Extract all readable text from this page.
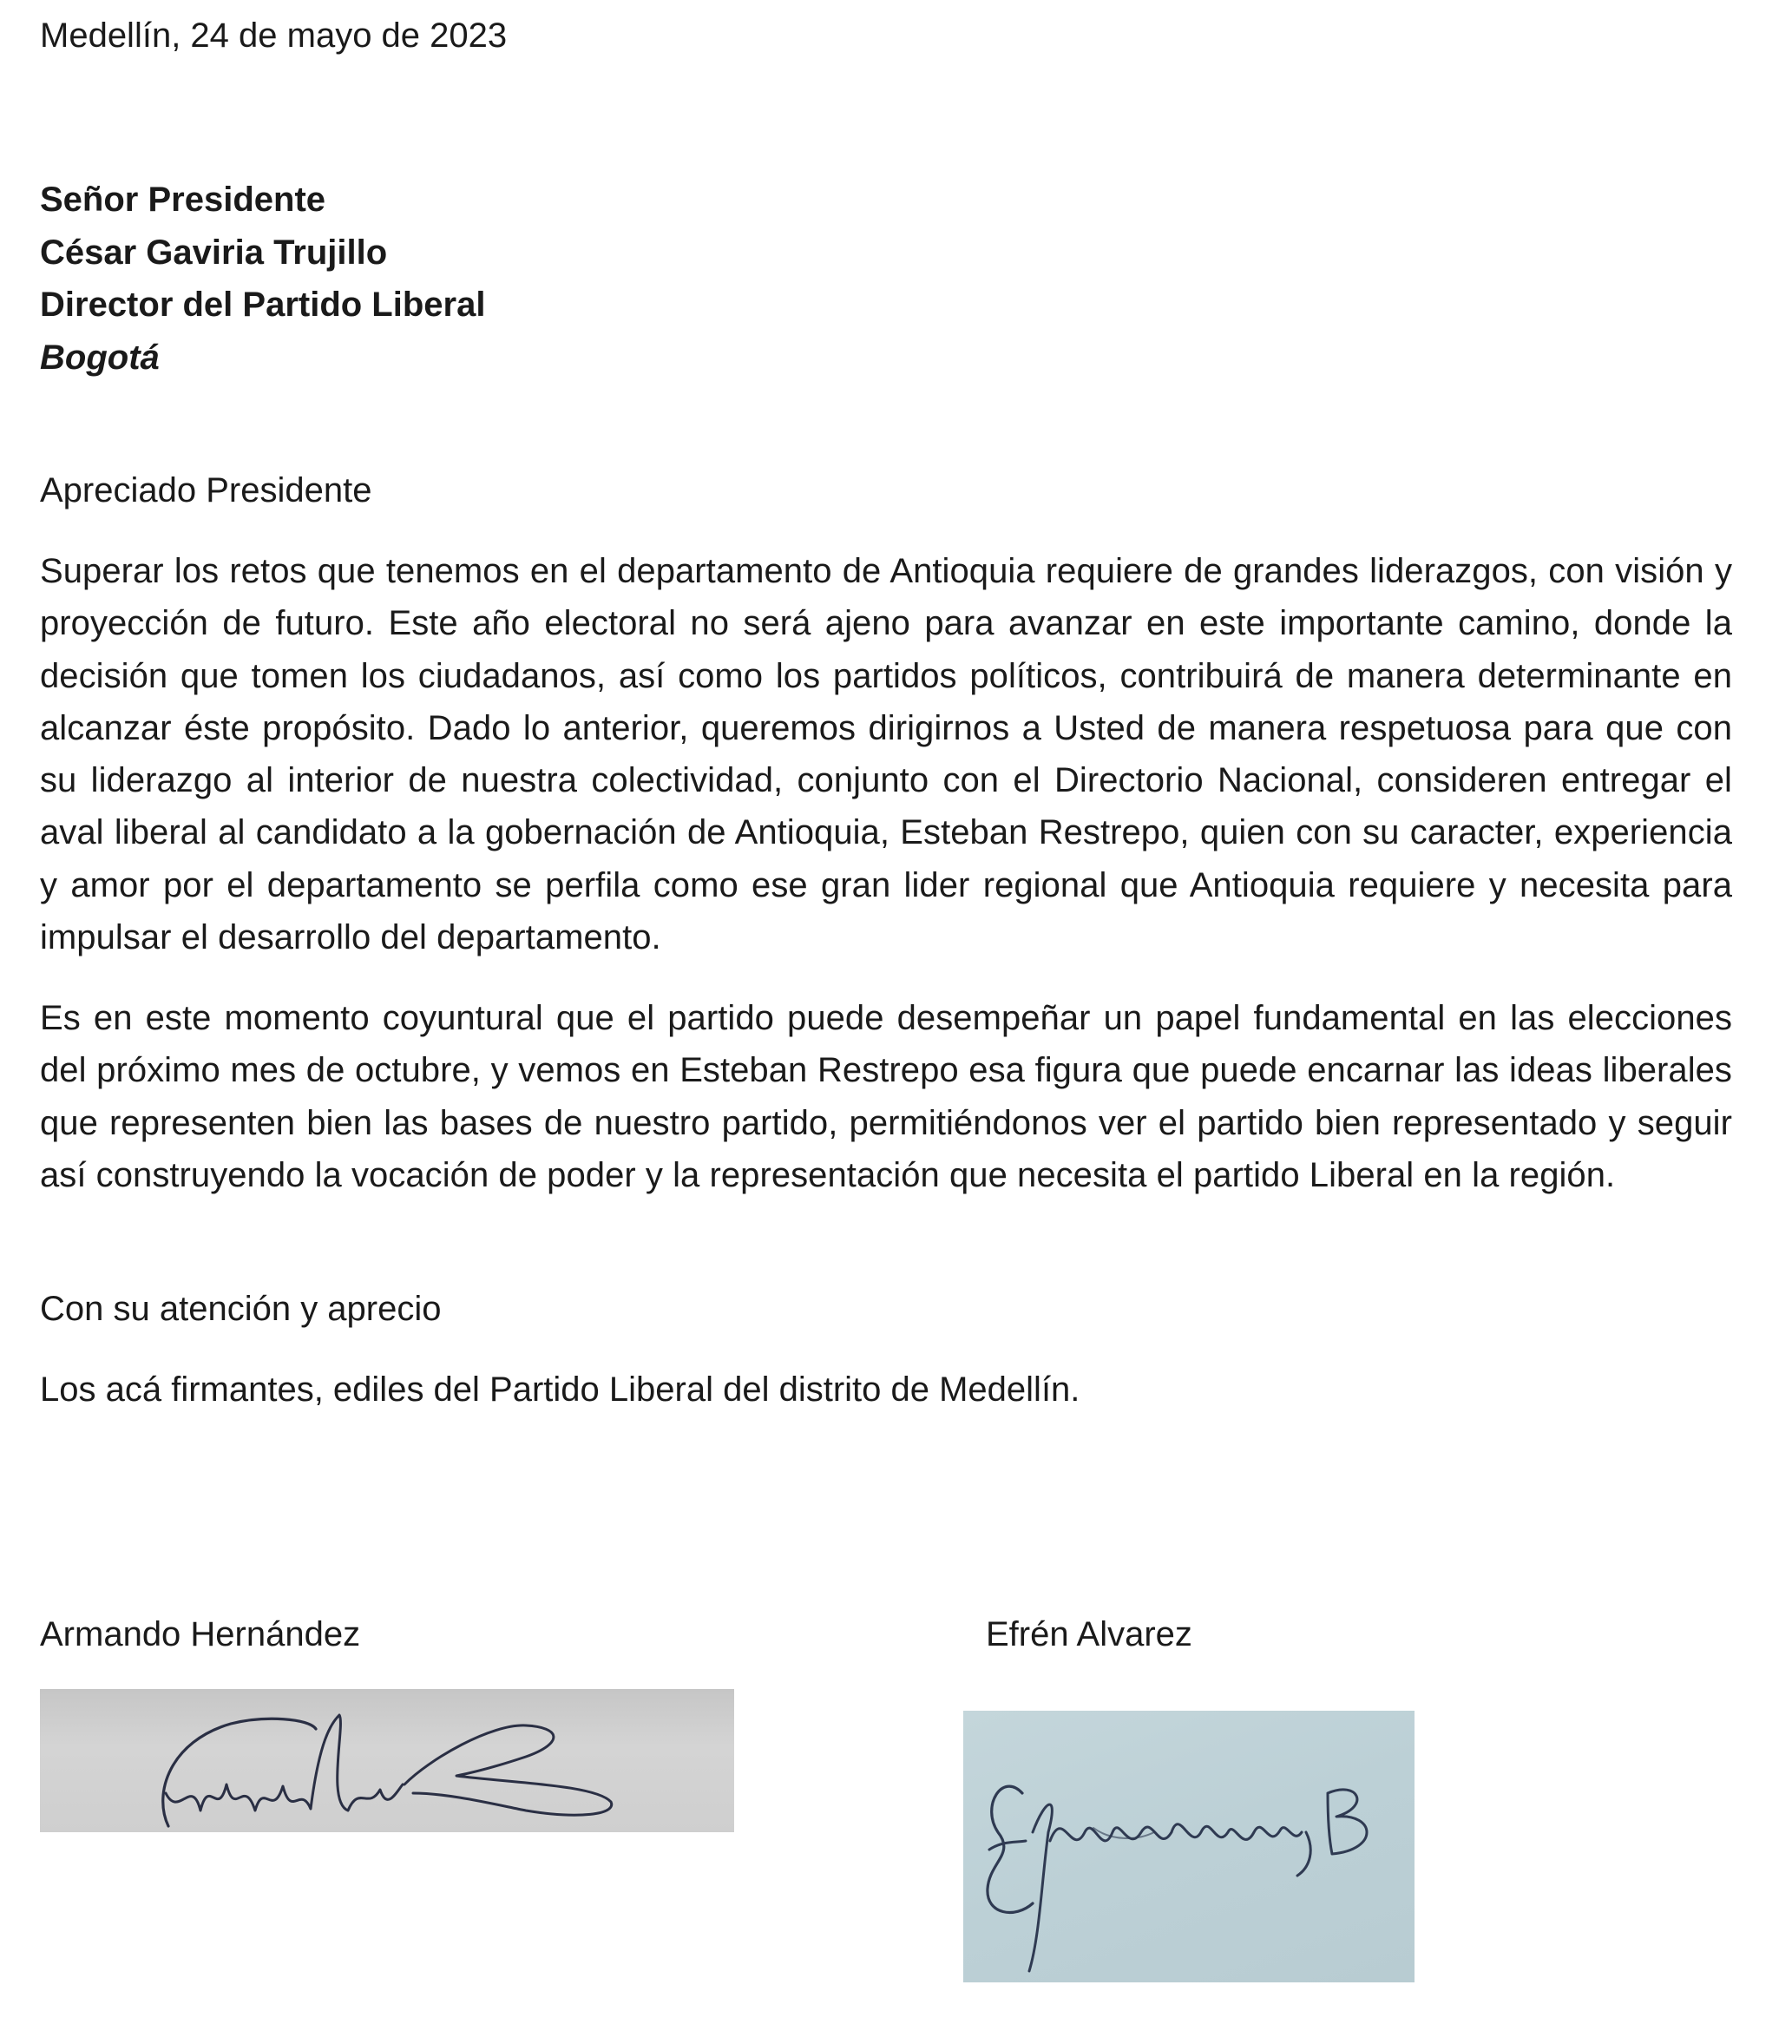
Medellín, 24 de mayo de 2023
Señor Presidente
César Gaviria Trujillo
Director del Partido Liberal
Bogotá
Apreciado Presidente
Superar los retos que tenemos en el departamento de Antioquia requiere de grandes liderazgos, con visión y proyección de futuro. Este año electoral no será ajeno para avanzar en este importante camino, donde la decisión que tomen los ciudadanos, así como los partidos políticos, contribuirá de manera determinante en alcanzar éste propósito. Dado lo anterior, queremos dirigirnos a Usted de manera respetuosa para que con su liderazgo al interior de nuestra colectividad, conjunto con el Directorio Nacional, consideren entregar el aval liberal al candidato a la gobernación de Antioquia, Esteban Restrepo, quien con su caracter, experiencia y amor por el departamento se perfila como ese gran lider regional que Antioquia requiere y necesita para impulsar el desarrollo del departamento.
Es en este momento coyuntural que el partido puede desempeñar un papel fundamental en las elecciones del próximo mes de octubre, y vemos en Esteban Restrepo esa figura que puede encarnar las ideas liberales que representen bien las bases de nuestro partido, permitiéndonos ver el partido bien representado y seguir así construyendo la vocación de poder y la representación que necesita el partido Liberal en la región.
Con su atención y aprecio
Los acá firmantes, ediles del Partido Liberal del distrito de Medellín.
Armando Hernández	Efrén Alvarez
